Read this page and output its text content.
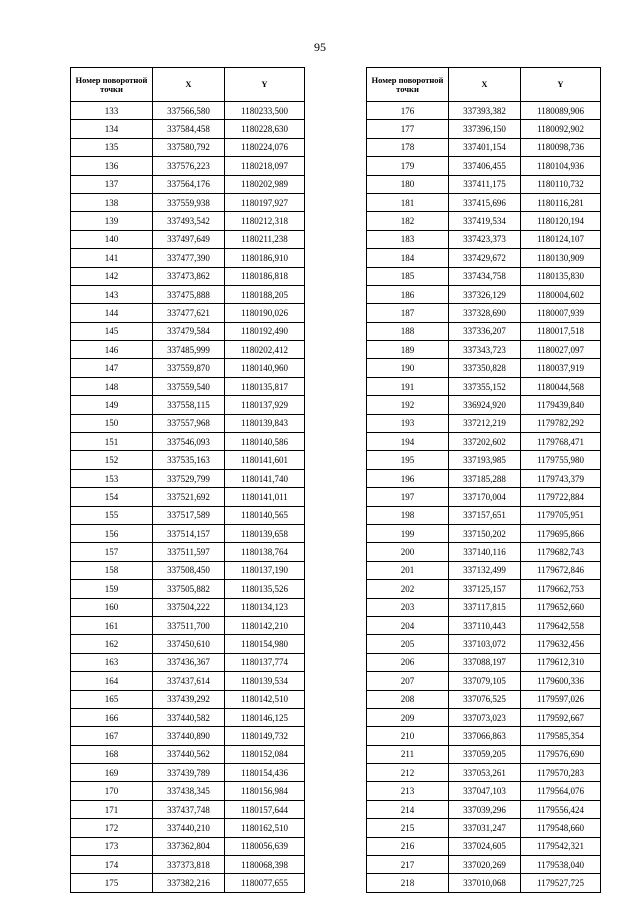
95
Номер поворотной точки	X	Y
133	337566,580	1180233,500
134	337584,458	1180228,630
135	337580,792	1180224,076
136	337576,223	1180218,097
137	337564,176	1180202,989
138	337559,938	1180197,927
139	337493,542	1180212,318
140	337497,649	1180211,238
141	337477,390	1180186,910
142	337473,862	1180186,818
143	337475,888	1180188,205
144	337477,621	1180190,026
145	337479,584	1180192,490
146	337485,999	1180202,412
147	337559,870	1180140,960
148	337559,540	1180135,817
149	337558,115	1180137,929
150	337557,968	1180139,843
151	337546,093	1180140,586
152	337535,163	1180141,601
153	337529,799	1180141,740
154	337521,692	1180141,011
155	337517,589	1180140,565
156	337514,157	1180139,658
157	337511,597	1180138,764
158	337508,450	1180137,190
159	337505,882	1180135,526
160	337504,222	1180134,123
161	337511,700	1180142,210
162	337450,610	1180154,980
163	337436,367	1180137,774
164	337437,614	1180139,534
165	337439,292	1180142,510
166	337440,582	1180146,125
167	337440,890	1180149,732
168	337440,562	1180152,084
169	337439,789	1180154,436
170	337438,345	1180156,984
171	337437,748	1180157,644
172	337440,210	1180162,510
173	337362,804	1180056,639
174	337373,818	1180068,398
175	337382,216	1180077,655
Номер поворотной точки	X	Y
176	337393,382	1180089,906
177	337396,150	1180092,902
178	337401,154	1180098,736
179	337406,455	1180104,936
180	337411,175	1180110,732
181	337415,696	1180116,281
182	337419,534	1180120,194
183	337423,373	1180124,107
184	337429,672	1180130,909
185	337434,758	1180135,830
186	337326,129	1180004,602
187	337328,690	1180007,939
188	337336,207	1180017,518
189	337343,723	1180027,097
190	337350,828	1180037,919
191	337355,152	1180044,568
192	336924,920	1179439,840
193	337212,219	1179782,292
194	337202,602	1179768,471
195	337193,985	1179755,980
196	337185,288	1179743,379
197	337170,004	1179722,884
198	337157,651	1179705,951
199	337150,202	1179695,866
200	337140,116	1179682,743
201	337132,499	1179672,846
202	337125,157	1179662,753
203	337117,815	1179652,660
204	337110,443	1179642,558
205	337103,072	1179632,456
206	337088,197	1179612,310
207	337079,105	1179600,336
208	337076,525	1179597,026
209	337073,023	1179592,667
210	337066,863	1179585,354
211	337059,205	1179576,690
212	337053,261	1179570,283
213	337047,103	1179564,076
214	337039,296	1179556,424
215	337031,247	1179548,660
216	337024,605	1179542,321
217	337020,269	1179538,040
218	337010,068	1179527,725
